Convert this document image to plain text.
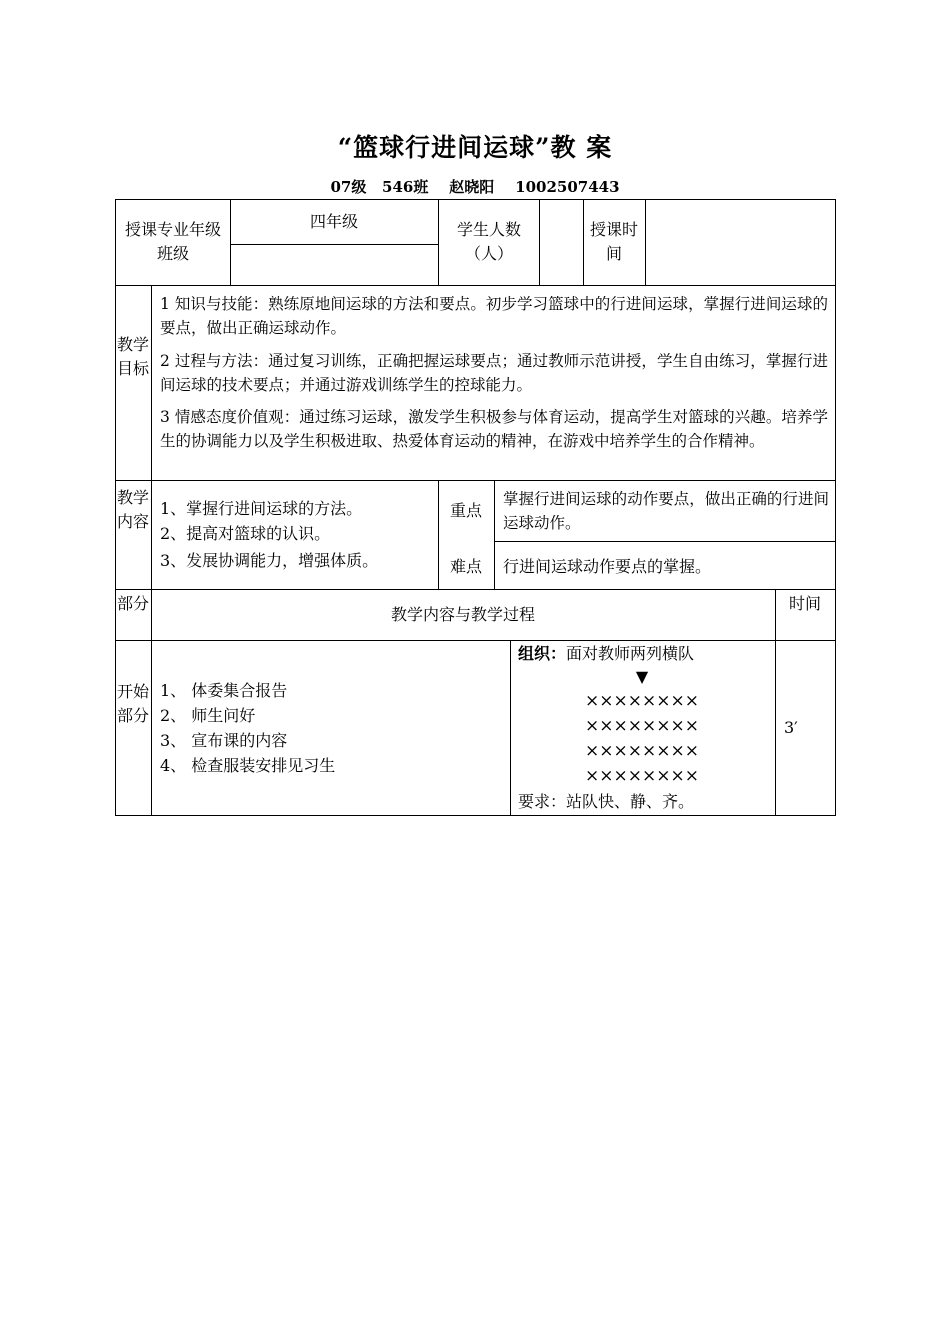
“篮球行进间运球”教 案
07级   546班    赵晓阳    1002507443
授课专业年级班级
四年级	学生人数（人）
授课时间
教学目标
1 知识与技能：熟练原地间运球的方法和要点。初步学习篮球中的行进间运球，掌握行进间运球的要点，做出正确运球动作。
2 过程与方法：通过复习训练，正确把握运球要点；通过教师示范讲授，学生自由练习，掌握行进间运球的技术要点；并通过游戏训练学生的控球能力。
3 情感态度价值观：通过练习运球，激发学生积极参与体育运动，提高学生对篮球的兴趣。培养学生的协调能力以及学生积极进取、热爱体育运动的精神，在游戏中培养学生的合作精神。
教学内容
1、掌握行进间运球的方法。
2、提高对篮球的认识。
3、发展协调能力，增强体质。
重点
掌握行进间运球的动作要点，做出正确的行进间运球动作。
难点	行进间运球动作要点的掌握。
部分
教学内容与教学过程
时间
开始部分
1、 体委集合报告
2、 师生问好
3、 宣布课的内容
4、 检查服装安排见习生
组织：面对教师两列横队
▼
××××××××
××××××××
××××××××
××××××××
要求：站队快、静、齐。
3′
